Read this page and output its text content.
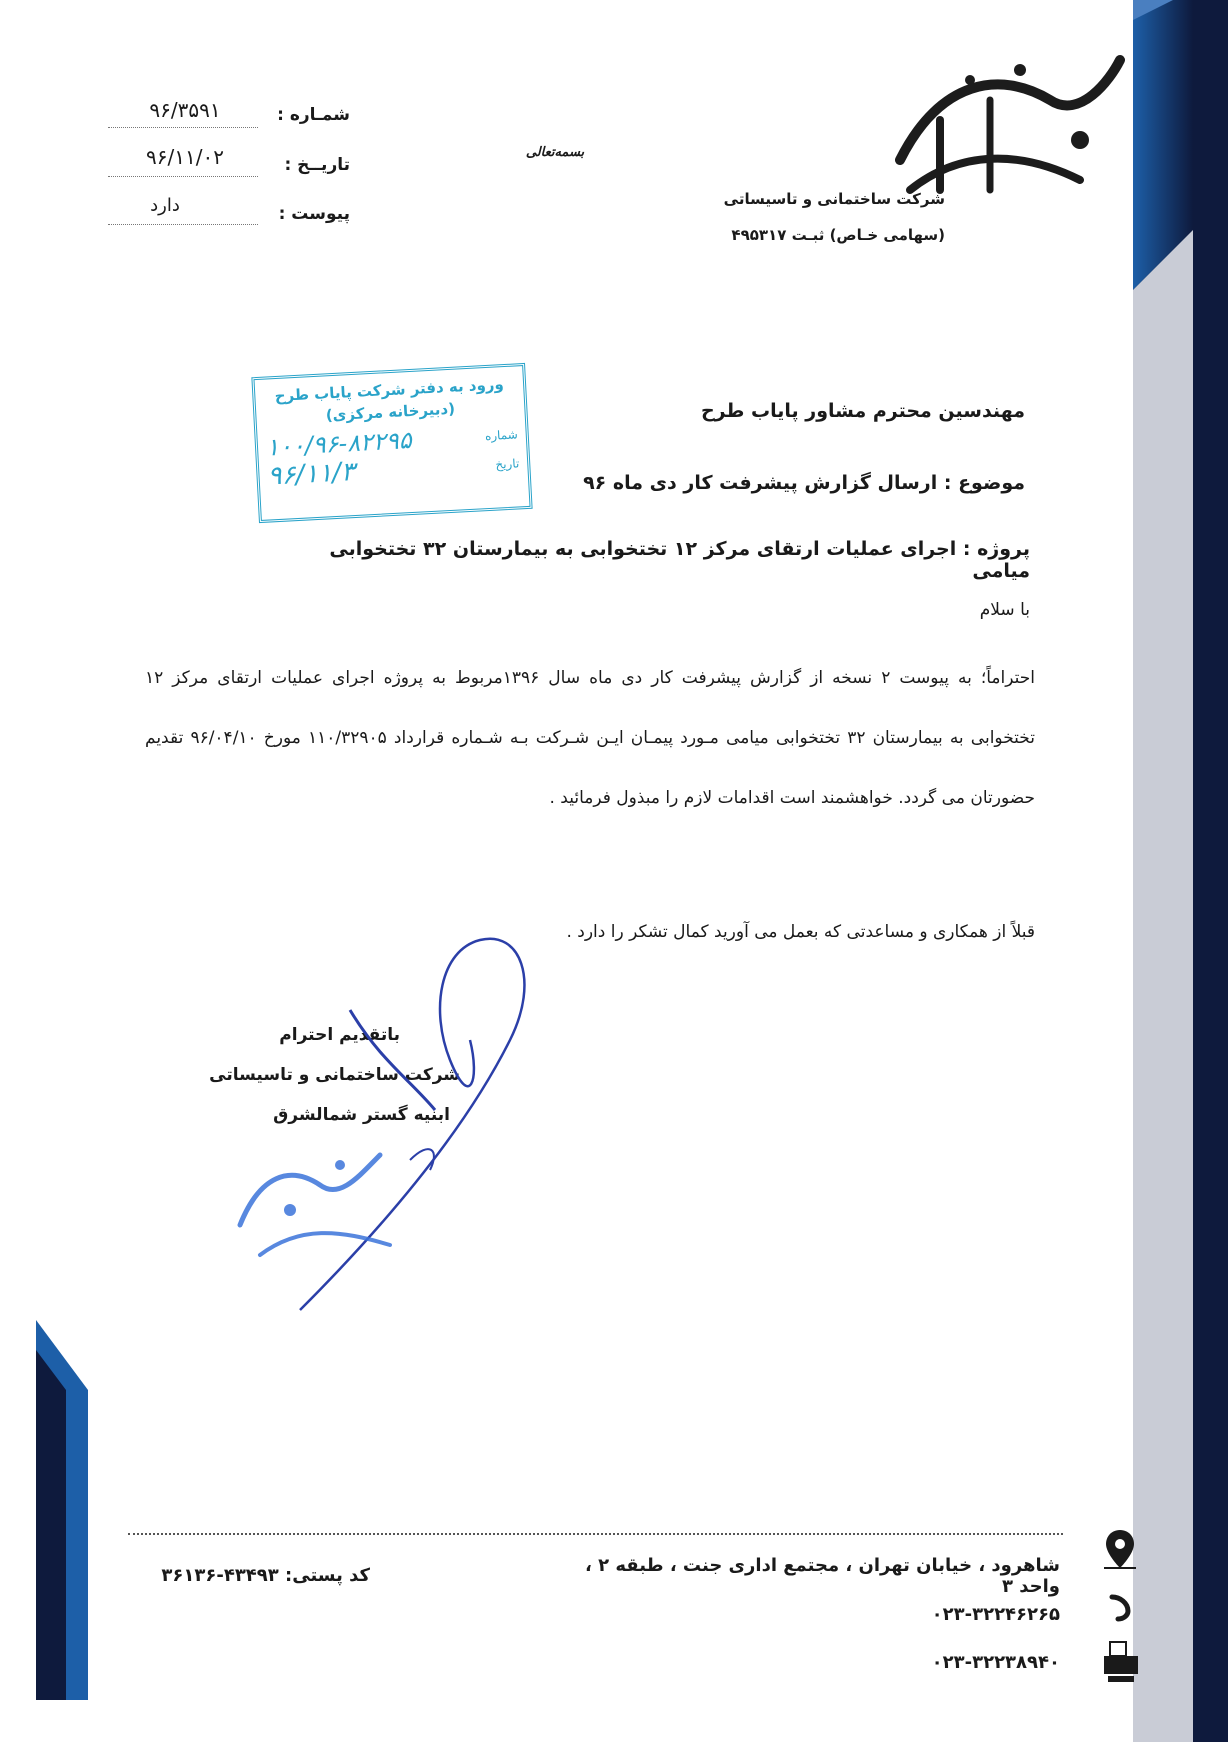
شرکت ساختمانی و تاسیساتی
(سهامی خـاص) ثبـت ۴۹۵۳۱۷
شمـاره :
۹۶/۳۵۹۱
تاریــخ :
۹۶/۱۱/۰۲
پیوست :
دارد
بسمه‌تعالی
ورود به دفتر شرکت پایاب طرح
(دبیرخانه مرکزی)
شماره
۱۰۰/۹۶-۸۲۲۹۵
تاریخ
۹۶/۱۱/۳
مهندسین محترم مشاور پایاب طرح
موضوع : ارسال گزارش پیشرفت کار دی ماه ۹۶
پروژه : اجرای عملیات ارتقای مرکز ۱۲ تختخوابی به بیمارستان ۳۲ تختخوابی میامی
با سلام
احتراماً؛ به پیوست ۲ نسخه از گزارش پیشرفت کار دی ماه سال ۱۳۹۶مربوط به پروژه اجرای عملیات ارتقای مرکز ۱۲ تختخوابی به بیمارستان ۳۲ تختخوابی میامی مـورد پیمـان ایـن شـرکت بـه شـماره قرارداد ۱۱۰/۳۲۹۰۵ مورخ ۹۶/۰۴/۱۰ تقدیم حضورتان می گردد. خواهشمند است اقدامات لازم را مبذول فرمائید .
قبلاً از همکاری و مساعدتی که بعمل می آورید کمال تشکر را دارد .
باتقدیم احترام
شرکت ساختمانی و تاسیساتی
ابنیه گستر شمالشرق
شاهرود ، خیابان تهران ، مجتمع اداری جنت ، طبقه ۲ ، واحد ۳
کد پستی: ۴۳۴۹۳-۳۶۱۳۶
۰۲۳-۳۲۲۴۶۲۶۵
۰۲۳-۳۲۲۳۸۹۴۰
